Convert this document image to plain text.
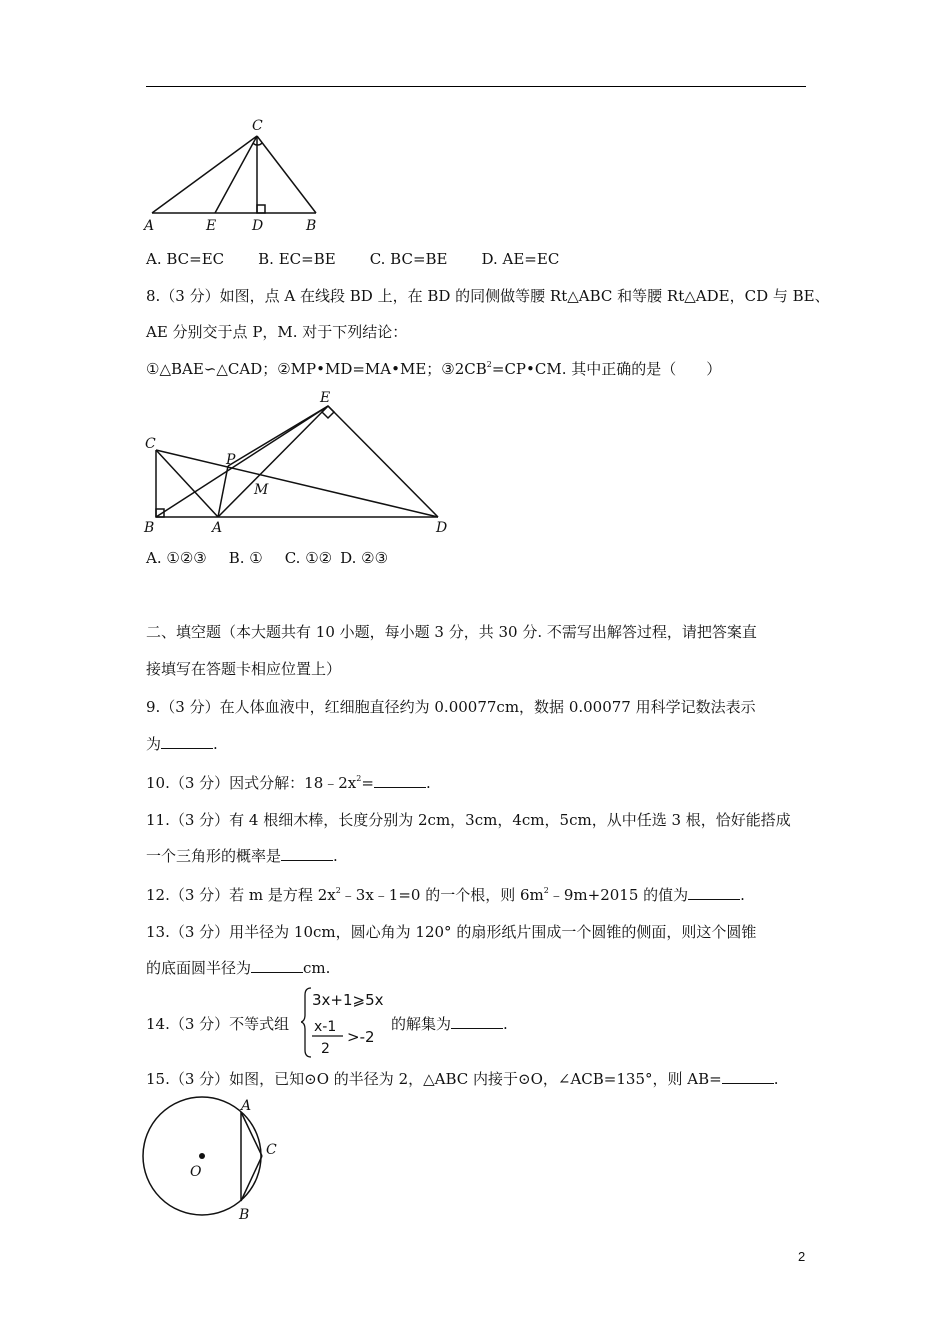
C
A	E	D	B
A. BC=EC B. EC=BE C. BC=BE D. AE=EC
8.（3 分）如图，点 A 在线段 BD 上，在 BD 的同侧做等腰 Rt△ABC 和等腰 Rt△ADE，CD 与 BE、
AE 分别交于点 P，M. 对于下列结论：
①△BAE∽△CAD；②MP•MD=MA•ME；$③2CB^2=CP•CM$. 其中正确的是（　　）
E
C
P
M
B	A	D
A. ①②③ B. ① C. ①② D. ②③
二、填空题（本大题共有 10 小题，每小题 3 分，共 30 分. 不需写出解答过程，请把答案直
接填写在答题卡相应位置上）
9.（3 分）在人体血液中，红细胞直径约为 0.00077cm，数据 0.00077 用科学记数法表示
为	.
10.（3 分）因式分解：$18﹣2x^2=$	.
11.（3 分）有 4 根细木棒，长度分别为 2cm，3cm，4cm，5cm，从中任选 3 根，恰好能搭成
一个三角形的概率是	.
12.（3 分）若 m 是方程 $2x^2﹣3x﹣1=0$ 的一个根，则 $6m^2﹣9m+2015$ 的值为	.
13.（3 分）用半径为 10cm，圆心角为 120° 的扇形纸片围成一个圆锥的侧面，则这个圆锥
的底面圆半径为	cm.
14.（3 分）不等式组
3x+1⩾5x
x-1
2
>-2
的解集为	.
15.（3 分）如图，已知⊙O 的半径为 2，△ABC 内接于⊙O，∠ACB=135°，则 AB=	.
A
C
O
B
2
